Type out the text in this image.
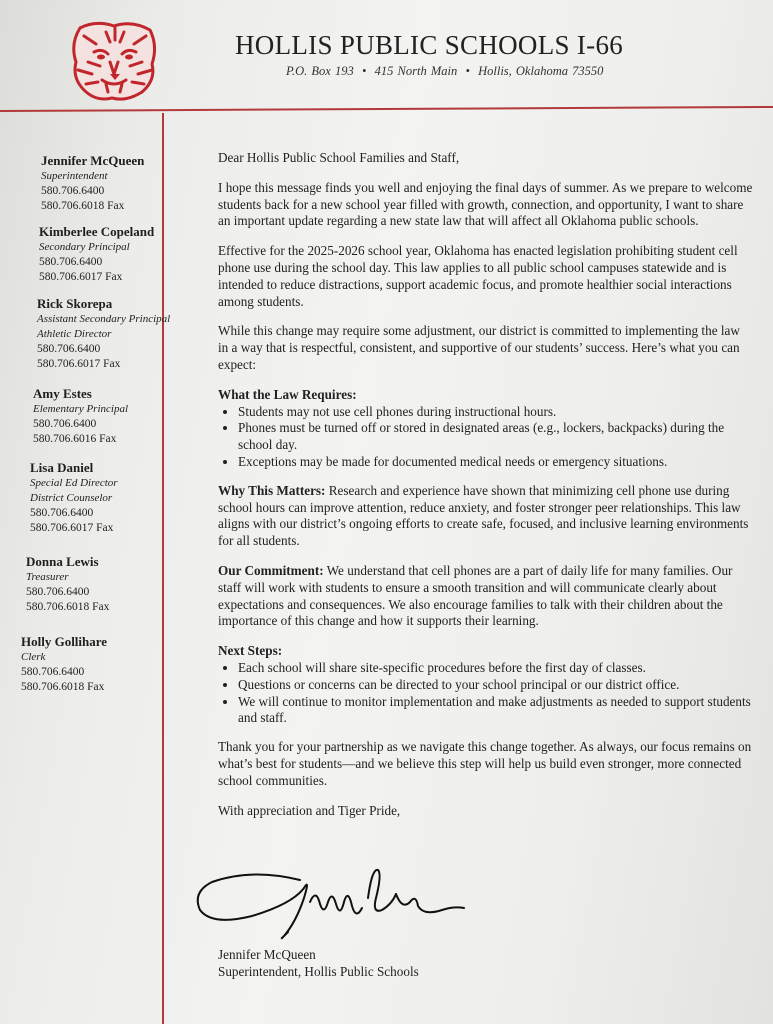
HOLLIS PUBLIC SCHOOLS I-66
P.O. Box 193 • 415 North Main • Hollis, Oklahoma 73550
Jennifer McQueen
Superintendent
580.706.6400
580.706.6018 Fax
Kimberlee Copeland
Secondary Principal
580.706.6400
580.706.6017 Fax
Rick Skorepa
Assistant Secondary Principal
Athletic Director
580.706.6400
580.706.6017 Fax
Amy Estes
Elementary Principal
580.706.6400
580.706.6016 Fax
Lisa Daniel
Special Ed Director
District Counselor
580.706.6400
580.706.6017 Fax
Donna Lewis
Treasurer
580.706.6400
580.706.6018 Fax
Holly Gollihare
Clerk
580.706.6400
580.706.6018 Fax

Dear Hollis Public School Families and Staff,

I hope this message finds you well and enjoying the final days of summer. As we prepare to welcome students back for a new school year filled with growth, connection, and opportunity, I want to share an important update regarding a new state law that will affect all Oklahoma public schools.

Effective for the 2025-2026 school year, Oklahoma has enacted legislation prohibiting student cell phone use during the school day. This law applies to all public school campuses statewide and is intended to reduce distractions, support academic focus, and promote healthier social interactions among students.

While this change may require some adjustment, our district is committed to implementing the law in a way that is respectful, consistent, and supportive of our students’ success. Here’s what you can expect:

What the Law Requires:
• Students may not use cell phones during instructional hours.
• Phones must be turned off or stored in designated areas (e.g., lockers, backpacks) during the school day.
• Exceptions may be made for documented medical needs or emergency situations.

Why This Matters: Research and experience have shown that minimizing cell phone use during school hours can improve attention, reduce anxiety, and foster stronger peer relationships. This law aligns with our district’s ongoing efforts to create safe, focused, and inclusive learning environments for all students.

Our Commitment: We understand that cell phones are a part of daily life for many families. Our staff will work with students to ensure a smooth transition and will communicate clearly about expectations and consequences. We also encourage families to talk with their children about the importance of this change and how it supports their learning.

Next Steps:
• Each school will share site-specific procedures before the first day of classes.
• Questions or concerns can be directed to your school principal or our district office.
• We will continue to monitor implementation and make adjustments as needed to support students and staff.

Thank you for your partnership as we navigate this change together. As always, our focus remains on what’s best for students—and we believe this step will help us build even stronger, more connected school communities.

With appreciation and Tiger Pride,

Jennifer McQueen
Superintendent, Hollis Public Schools
